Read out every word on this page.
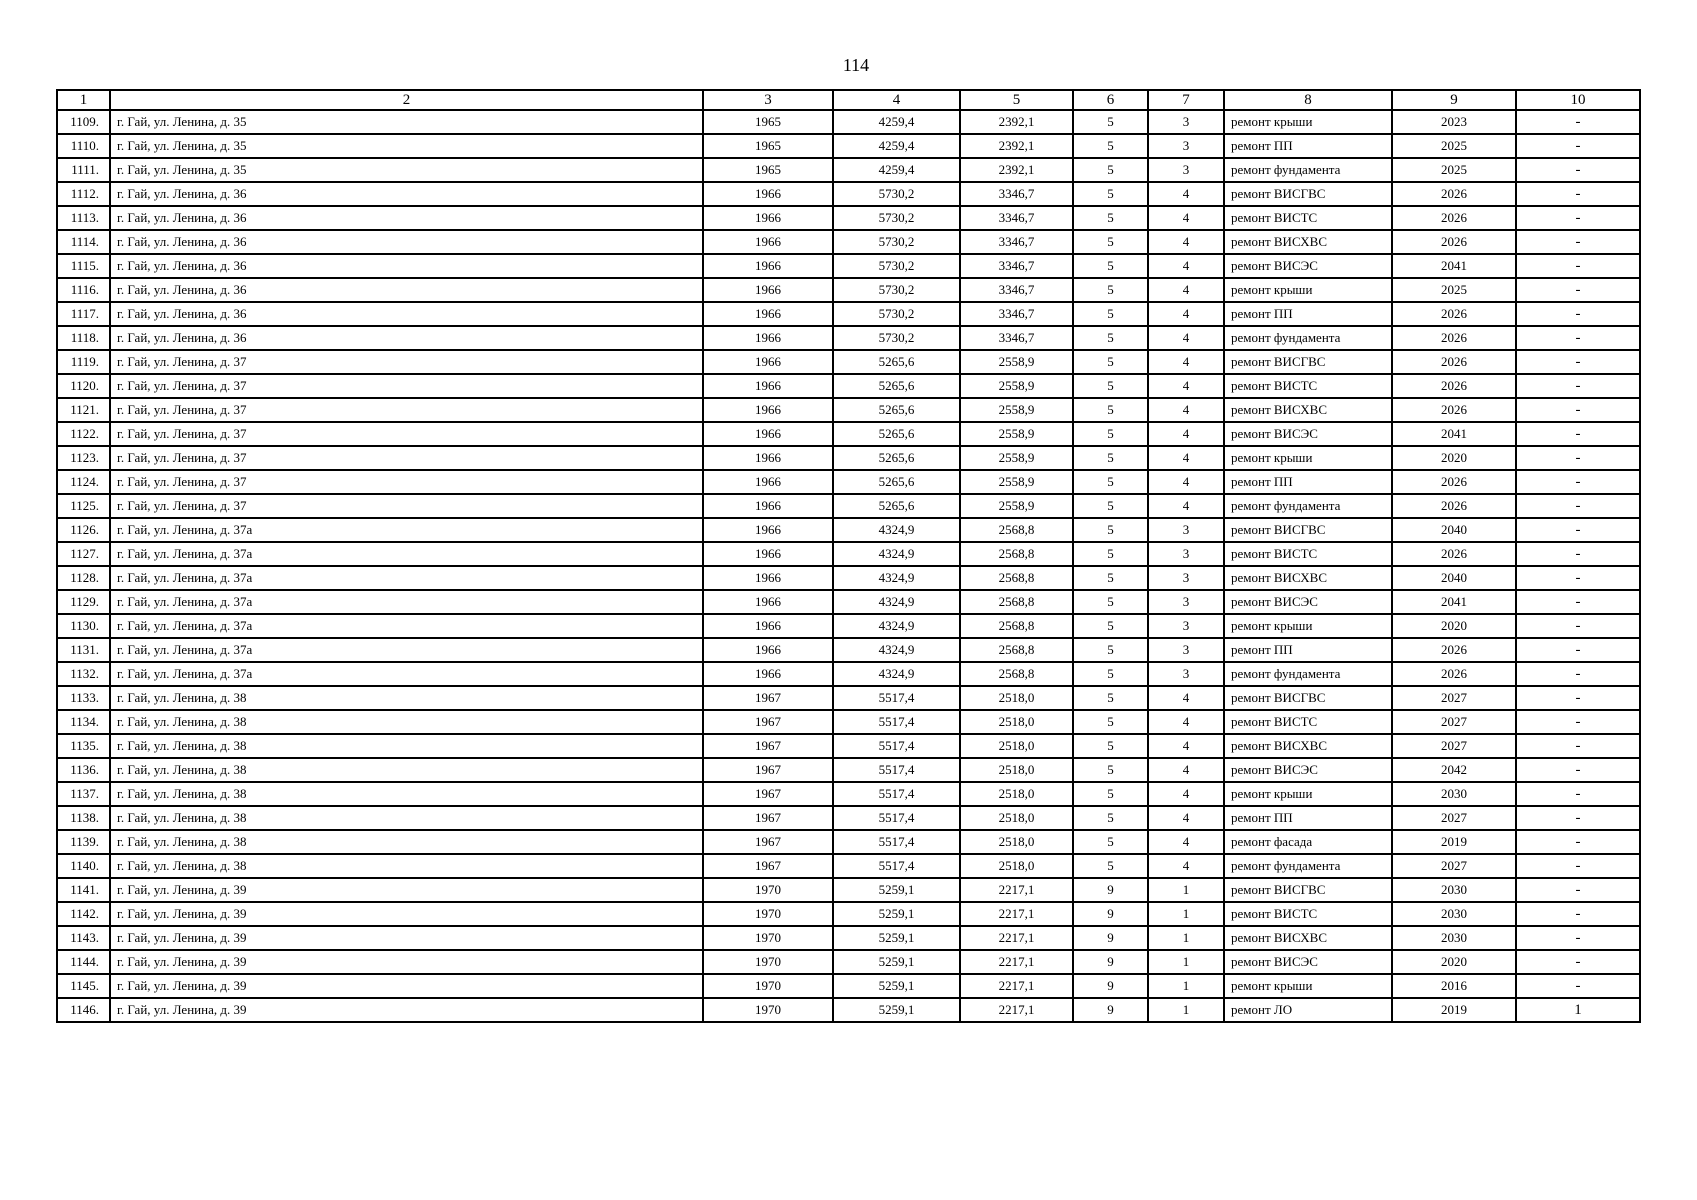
114
1	2	3	4	5	6	7	8	9	10
1109.	г. Гай, ул. Ленина, д. 35	1965	4259,4	2392,1	5	3	ремонт крыши	2023	-
1110.	г. Гай, ул. Ленина, д. 35	1965	4259,4	2392,1	5	3	ремонт ПП	2025	-
1111.	г. Гай, ул. Ленина, д. 35	1965	4259,4	2392,1	5	3	ремонт фундамента	2025	-
1112.	г. Гай, ул. Ленина, д. 36	1966	5730,2	3346,7	5	4	ремонт ВИСГВС	2026	-
1113.	г. Гай, ул. Ленина, д. 36	1966	5730,2	3346,7	5	4	ремонт ВИСТС	2026	-
1114.	г. Гай, ул. Ленина, д. 36	1966	5730,2	3346,7	5	4	ремонт ВИСХВС	2026	-
1115.	г. Гай, ул. Ленина, д. 36	1966	5730,2	3346,7	5	4	ремонт ВИСЭС	2041	-
1116.	г. Гай, ул. Ленина, д. 36	1966	5730,2	3346,7	5	4	ремонт крыши	2025	-
1117.	г. Гай, ул. Ленина, д. 36	1966	5730,2	3346,7	5	4	ремонт ПП	2026	-
1118.	г. Гай, ул. Ленина, д. 36	1966	5730,2	3346,7	5	4	ремонт фундамента	2026	-
1119.	г. Гай, ул. Ленина, д. 37	1966	5265,6	2558,9	5	4	ремонт ВИСГВС	2026	-
1120.	г. Гай, ул. Ленина, д. 37	1966	5265,6	2558,9	5	4	ремонт ВИСТС	2026	-
1121.	г. Гай, ул. Ленина, д. 37	1966	5265,6	2558,9	5	4	ремонт ВИСХВС	2026	-
1122.	г. Гай, ул. Ленина, д. 37	1966	5265,6	2558,9	5	4	ремонт ВИСЭС	2041	-
1123.	г. Гай, ул. Ленина, д. 37	1966	5265,6	2558,9	5	4	ремонт крыши	2020	-
1124.	г. Гай, ул. Ленина, д. 37	1966	5265,6	2558,9	5	4	ремонт ПП	2026	-
1125.	г. Гай, ул. Ленина, д. 37	1966	5265,6	2558,9	5	4	ремонт фундамента	2026	-
1126.	г. Гай, ул. Ленина, д. 37а	1966	4324,9	2568,8	5	3	ремонт ВИСГВС	2040	-
1127.	г. Гай, ул. Ленина, д. 37а	1966	4324,9	2568,8	5	3	ремонт ВИСТС	2026	-
1128.	г. Гай, ул. Ленина, д. 37а	1966	4324,9	2568,8	5	3	ремонт ВИСХВС	2040	-
1129.	г. Гай, ул. Ленина, д. 37а	1966	4324,9	2568,8	5	3	ремонт ВИСЭС	2041	-
1130.	г. Гай, ул. Ленина, д. 37а	1966	4324,9	2568,8	5	3	ремонт крыши	2020	-
1131.	г. Гай, ул. Ленина, д. 37а	1966	4324,9	2568,8	5	3	ремонт ПП	2026	-
1132.	г. Гай, ул. Ленина, д. 37а	1966	4324,9	2568,8	5	3	ремонт фундамента	2026	-
1133.	г. Гай, ул. Ленина, д. 38	1967	5517,4	2518,0	5	4	ремонт ВИСГВС	2027	-
1134.	г. Гай, ул. Ленина, д. 38	1967	5517,4	2518,0	5	4	ремонт ВИСТС	2027	-
1135.	г. Гай, ул. Ленина, д. 38	1967	5517,4	2518,0	5	4	ремонт ВИСХВС	2027	-
1136.	г. Гай, ул. Ленина, д. 38	1967	5517,4	2518,0	5	4	ремонт ВИСЭС	2042	-
1137.	г. Гай, ул. Ленина, д. 38	1967	5517,4	2518,0	5	4	ремонт крыши	2030	-
1138.	г. Гай, ул. Ленина, д. 38	1967	5517,4	2518,0	5	4	ремонт ПП	2027	-
1139.	г. Гай, ул. Ленина, д. 38	1967	5517,4	2518,0	5	4	ремонт фасада	2019	-
1140.	г. Гай, ул. Ленина, д. 38	1967	5517,4	2518,0	5	4	ремонт фундамента	2027	-
1141.	г. Гай, ул. Ленина, д. 39	1970	5259,1	2217,1	9	1	ремонт ВИСГВС	2030	-
1142.	г. Гай, ул. Ленина, д. 39	1970	5259,1	2217,1	9	1	ремонт ВИСТС	2030	-
1143.	г. Гай, ул. Ленина, д. 39	1970	5259,1	2217,1	9	1	ремонт ВИСХВС	2030	-
1144.	г. Гай, ул. Ленина, д. 39	1970	5259,1	2217,1	9	1	ремонт ВИСЭС	2020	-
1145.	г. Гай, ул. Ленина, д. 39	1970	5259,1	2217,1	9	1	ремонт крыши	2016	-
1146.	г. Гай, ул. Ленина, д. 39	1970	5259,1	2217,1	9	1	ремонт ЛО	2019	1
